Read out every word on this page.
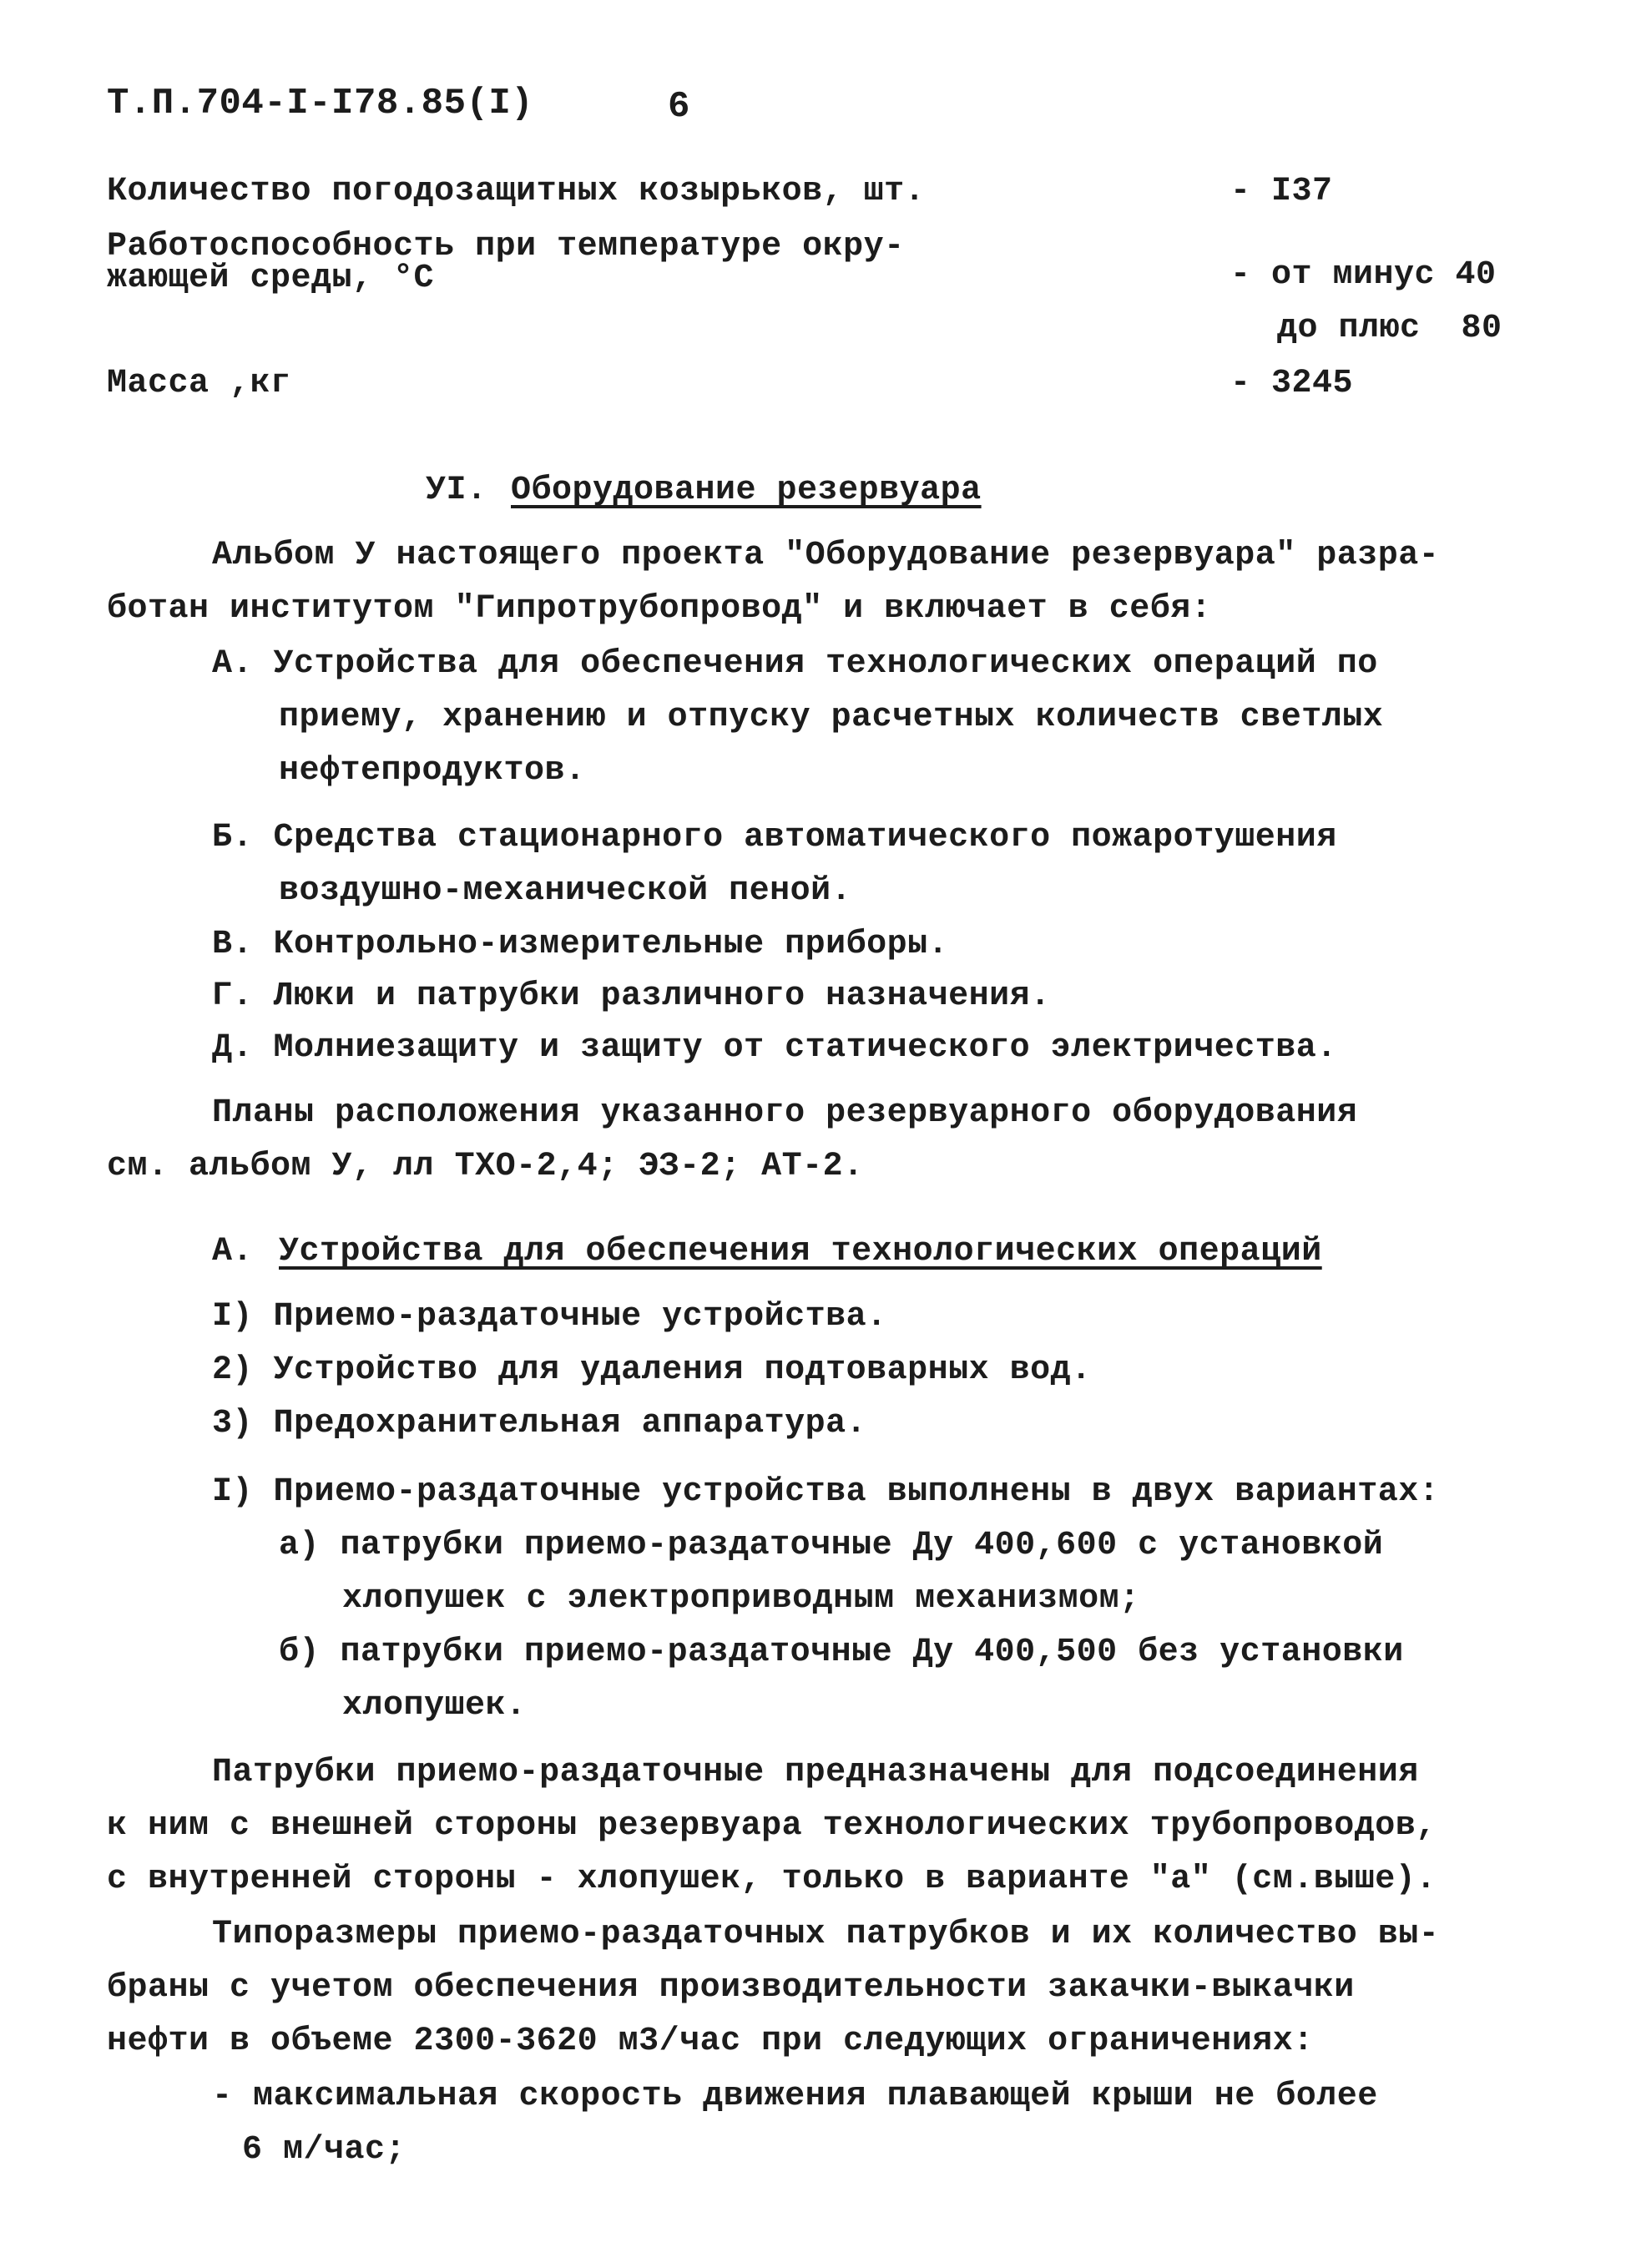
Т.П.704-I-I78.85(I)	6
Количество погодозащитных козырьков, шт.	- I37
Работоспособность при температуре окру-
жающей среды, °С	- от минус 40
до плюс  80
Масса ,кг	- 3245
УI. Оборудование резервуара
Альбом У настоящего проекта "Оборудование резервуара" разра-
ботан институтом "Гипротрубопровод" и включает в себя:
А. Устройства для обеспечения технологических операций по
приему, хранению и отпуску расчетных количеств светлых
нефтепродуктов.
Б. Средства стационарного автоматического пожаротушения
воздушно-механической пеной.
В. Контрольно-измерительные приборы.
Г. Люки и патрубки различного назначения.
Д. Молниезащиту и защиту от статического электричества.
Планы расположения указанного резервуарного оборудования
см. альбом У, лл ТХО-2,4; ЭЗ-2; АТ-2.
А. Устройства для обеспечения технологических операций
I) Приемо-раздаточные устройства.
2) Устройство для удаления подтоварных вод.
3) Предохранительная аппаратура.
I) Приемо-раздаточные устройства выполнены в двух вариантах:
а) патрубки приемо-раздаточные Ду 400,600 с установкой
хлопушек с электроприводным механизмом;
б) патрубки приемо-раздаточные Ду 400,500 без установки
хлопушек.
Патрубки приемо-раздаточные предназначены для подсоединения
к ним с внешней стороны резервуара технологических трубопроводов,
с внутренней стороны - хлопушек, только в варианте "а" (см.выше).
Типоразмеры приемо-раздаточных патрубков и их количество вы-
браны с учетом обеспечения производительности закачки-выкачки
нефти в объеме 2300-3620 м3/час при следующих ограничениях:
- максимальная скорость движения плавающей крыши не более
6 м/час;
